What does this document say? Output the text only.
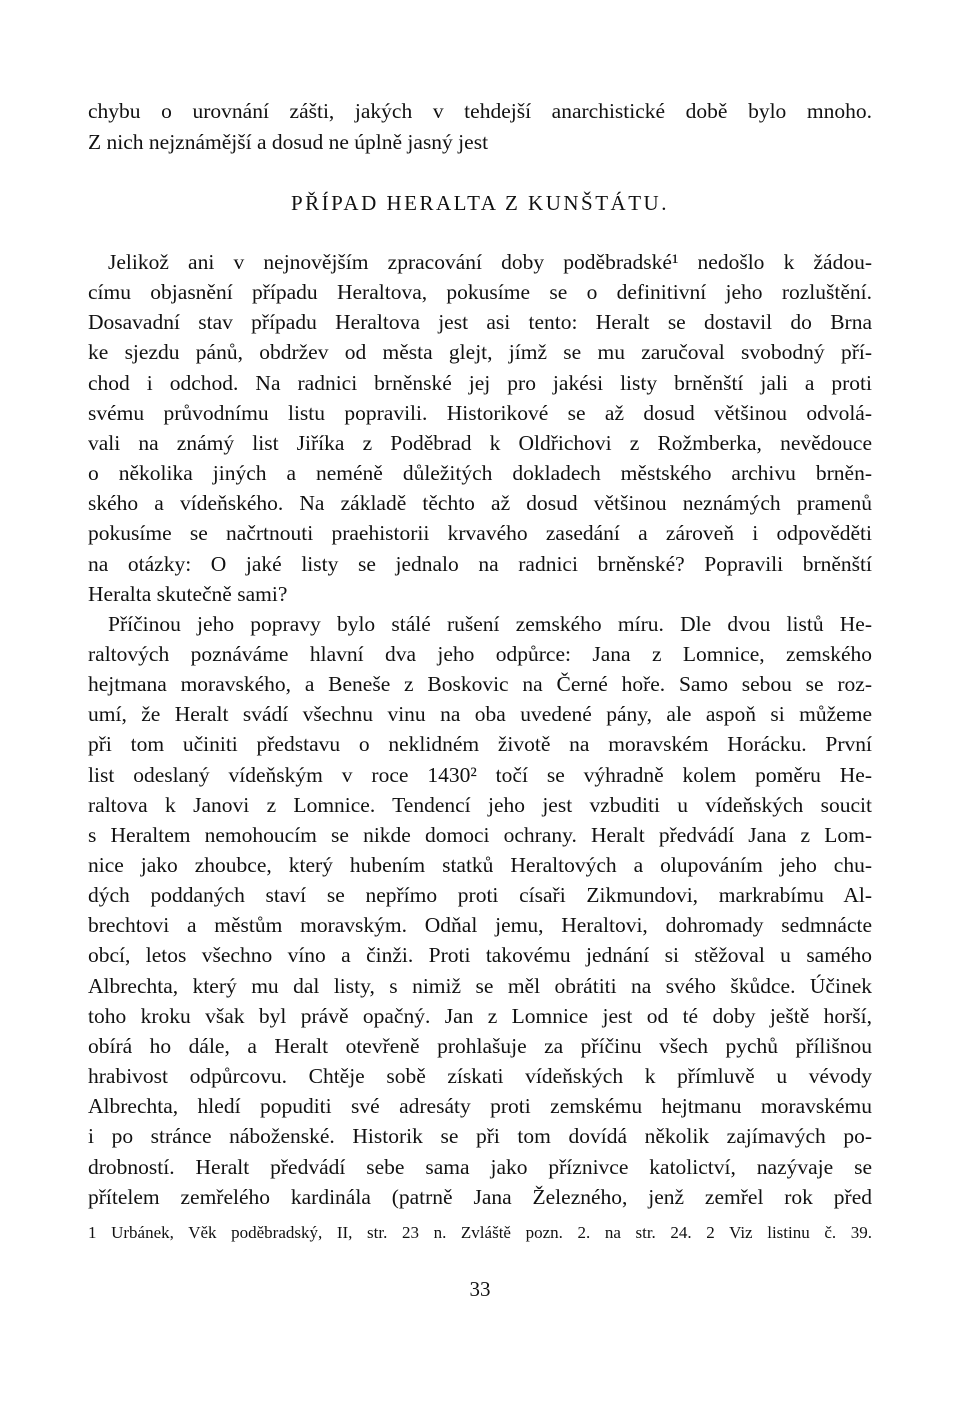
chybu o urovnání zášti, jakých v tehdejší anarchistické době bylo mnoho.
Z nich nejznámější a dosud ne úplně jasný jest
PŘÍPAD HERALTA Z KUNŠTÁTU.
Jelikož ani v nejnovějším zpracování doby poděbradské¹ nedošlo k žádou-
címu objasnění případu Heraltova, pokusíme se o definitivní jeho rozluštění.
Dosavadní stav případu Heraltova jest asi tento: Heralt se dostavil do Brna
ke sjezdu pánů, obdržev od města glejt, jímž se mu zaručoval svobodný pří-
chod i odchod. Na radnici brněnské jej pro jakési listy brněnští jali a proti
svému průvodnímu listu popravili. Historikové se až dosud většinou odvolá-
vali na známý list Jiříka z Poděbrad k Oldřichovi z Rožmberka, nevědouce
o několika jiných a neméně důležitých dokladech městského archivu brněn-
ského a vídeňského. Na základě těchto až dosud většinou neznámých pramenů
pokusíme se načrtnouti praehistorii krvavého zasedání a zároveň i odpověděti
na otázky: O jaké listy se jednalo na radnici brněnské? Popravili brněnští
Heralta skutečně sami?
Příčinou jeho popravy bylo stálé rušení zemského míru. Dle dvou listů He-
raltových poznáváme hlavní dva jeho odpůrce: Jana z Lomnice, zemského
hejtmana moravského, a Beneše z Boskovic na Černé hoře. Samo sebou se roz-
umí, že Heralt svádí všechnu vinu na oba uvedené pány, ale aspoň si můžeme
při tom učiniti představu o neklidném životě na moravském Horácku. První
list odeslaný vídeňským v roce 1430² točí se výhradně kolem poměru He-
raltova k Janovi z Lomnice. Tendencí jeho jest vzbuditi u vídeňských soucit
s Heraltem nemohoucím se nikde domoci ochrany. Heralt předvádí Jana z Lom-
nice jako zhoubce, který hubením statků Heraltových a olupováním jeho chu-
dých poddaných staví se nepřímo proti císaři Zikmundovi, markrabímu Al-
brechtovi a městům moravským. Odňal jemu, Heraltovi, dohromady sedmnácte
obcí, letos všechno víno a činži. Proti takovému jednání si stěžoval u samého
Albrechta, který mu dal listy, s nimiž se měl obrátiti na svého škůdce. Účinek
toho kroku však byl právě opačný. Jan z Lomnice jest od té doby ještě horší,
obírá ho dále, a Heralt otevřeně prohlašuje za příčinu všech pychů přílišnou
hrabivost odpůrcovu. Chtěje sobě získati vídeňských k přímluvě u vévody
Albrechta, hledí popuditi své adresáty proti zemskému hejtmanu moravskému
i po stránce náboženské. Historik se při tom dovídá několik zajímavých po-
drobností. Heralt předvádí sebe sama jako příznivce katolictví, nazývaje se
přítelem zemřelého kardinála (patrně Jana Železného, jenž zemřel rok před
1 Urbánek, Věk poděbradský, II, str. 23 n. Zvláště pozn. 2. na str. 24. 2 Viz listinu č. 39.
33
